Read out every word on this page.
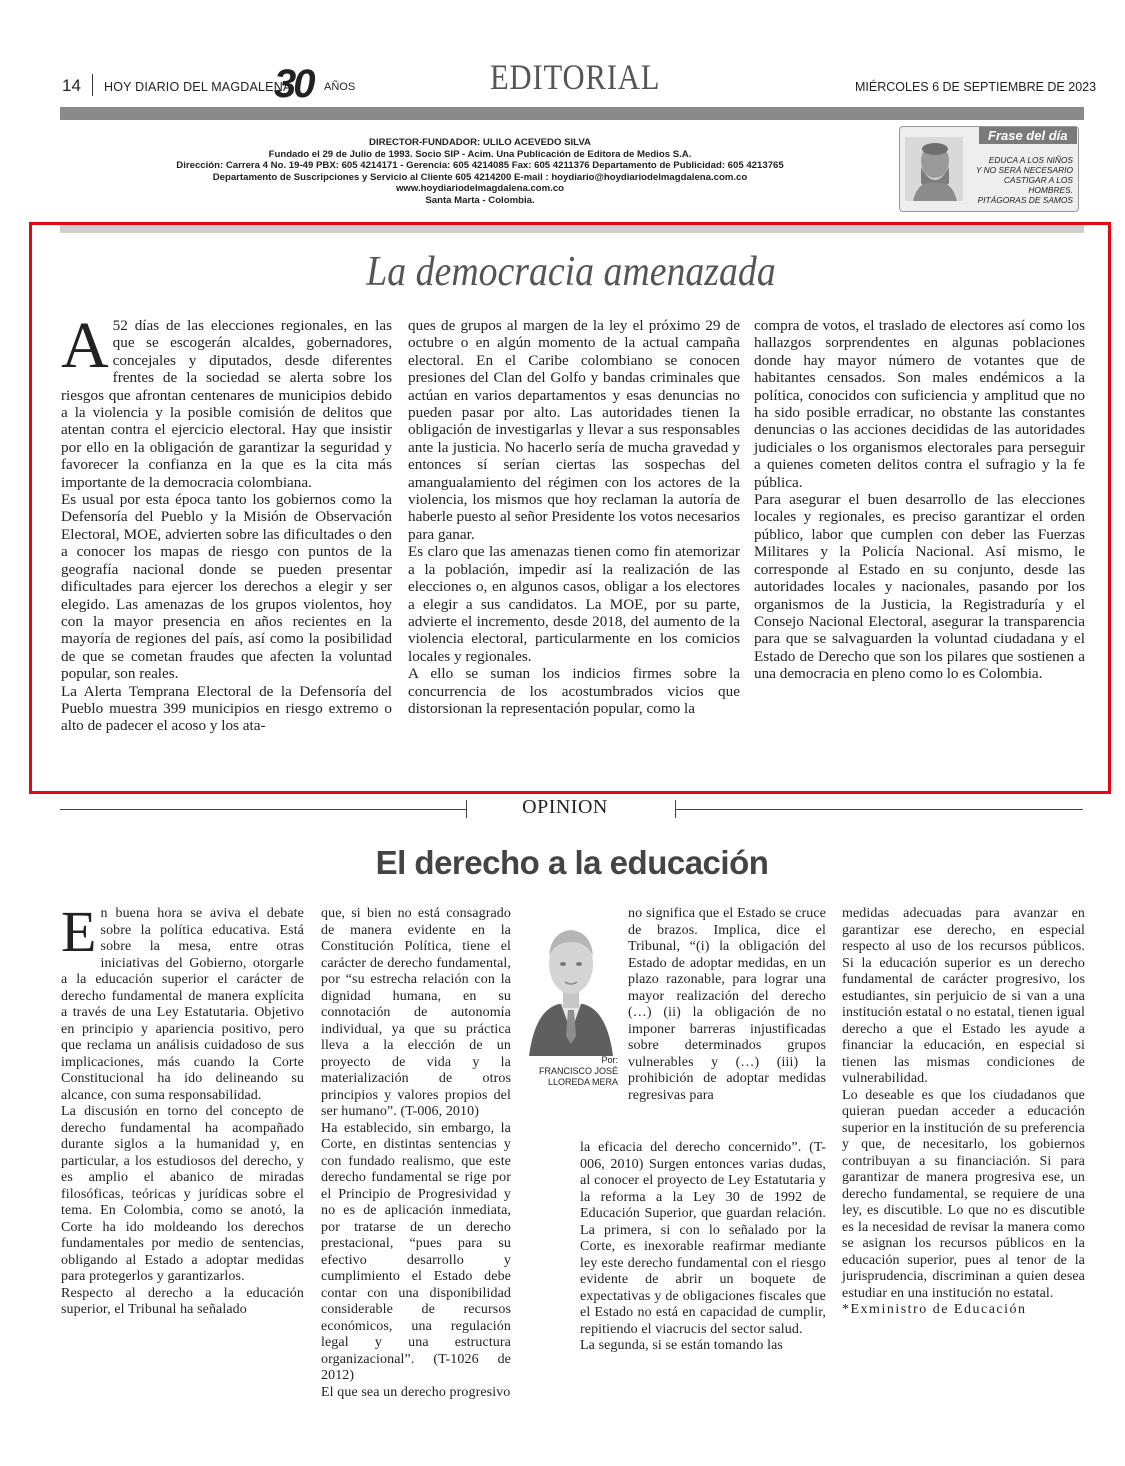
14 HOY DIARIO DEL MAGDALENA
30 AÑOS	EDITORIAL	MIÉRCOLES 6 DE SEPTIEMBRE DE 2023
DIRECTOR-FUNDADOR: ULILO ACEVEDO SILVA
Fundado el 29 de Julio de 1993. Socio SIP - Acim. Una Publicación de Editora de Medios S.A.
Dirección: Carrera 4 No. 19-49 PBX: 605 4214171 - Gerencia: 605 4214085 Fax: 605 4211376 Departamento de Publicidad: 605 4213765
Departamento de Suscripciones y Servicio al Cliente 605 4214200 E-mail : hoydiario@hoydiariodelmagdalena.com.co
www.hoydiariodelmagdalena.com.co
Santa Marta - Colombia.
Frase del día
EDUCA A LOS NIÑOS
Y NO SERÁ NECESARIO
CASTIGAR A LOS HOMBRES.
PITÁGORAS DE SAMOS
La democracia amenazada

A 52 días de las elecciones regionales, en las que se escogerán alcaldes, gobernadores, concejales y diputados, desde diferentes frentes de la sociedad se alerta sobre los riesgos que afrontan centenares de municipios debido a la violencia y la posible comisión de delitos que atentan contra el ejercicio electoral. Hay que insistir por ello en la obligación de garantizar la seguridad y favorecer la confianza en la que es la cita más importante de la democracia colombiana.

Es usual por esta época tanto los gobiernos como la Defensoría del Pueblo y la Misión de Observación Electoral, MOE, advierten sobre las dificultades o den a conocer los mapas de riesgo con puntos de la geografía nacional donde se pueden presentar dificultades para ejercer los derechos a elegir y ser elegido. Las amenazas de los grupos violentos, hoy con la mayor presencia en años recientes en la mayoría de regiones del país, así como la posibilidad de que se cometan fraudes que afecten la voluntad popular, son reales.

La Alerta Temprana Electoral de la Defensoría del Pueblo muestra 399 municipios en riesgo extremo o alto de padecer el acoso y los ata-

ques de grupos al margen de la ley el próximo 29 de octubre o en algún momento de la actual campaña electoral. En el Caribe colombiano se conocen presiones del Clan del Golfo y bandas criminales que actúan en varios departamentos y esas denuncias no pueden pasar por alto. Las autoridades tienen la obligación de investigarlas y llevar a sus responsables ante la justicia. No hacerlo sería de mucha gravedad y entonces sí serían ciertas las sospechas del amangualamiento del régimen con los actores de la violencia, los mismos que hoy reclaman la autoría de haberle puesto al señor Presidente los votos necesarios para ganar.

Es claro que las amenazas tienen como fin atemorizar a la población, impedir así la realización de las elecciones o, en algunos casos, obligar a los electores a elegir a sus candidatos. La MOE, por su parte, advierte el incremento, desde 2018, del aumento de la violencia electoral, particularmente en los comicios locales y regionales.

A ello se suman los indicios firmes sobre la concurrencia de los acostumbrados vicios que distorsionan la representación popular, como la

compra de votos, el traslado de electores así como los hallazgos sorprendentes en algunas poblaciones donde hay mayor número de votantes que de habitantes censados. Son males endémicos a la política, conocidos con suficiencia y amplitud que no ha sido posible erradicar, no obstante las constantes denuncias o las acciones decididas de las autoridades judiciales o los organismos electorales para perseguir a quienes cometen delitos contra el sufragio y la fe pública.

Para asegurar el buen desarrollo de las elecciones locales y regionales, es preciso garantizar el orden público, labor que cumplen con deber las Fuerzas Militares y la Policía Nacional. Así mismo, le corresponde al Estado en su conjunto, desde las autoridades locales y nacionales, pasando por los organismos de la Justicia, la Registraduría y el Consejo Nacional Electoral, asegurar la transparencia para que se salvaguarden la voluntad ciudadana y el Estado de Derecho que son los pilares que sostienen a una democracia en pleno como lo es Colombia.

OPINION
El derecho a la educación

En buena hora se aviva el debate sobre la política educativa. Está sobre la mesa, entre otras iniciativas del Gobierno, otorgarle a la educación superior el carácter de derecho fundamental de manera explícita a través de una Ley Estatutaria. Objetivo en principio y apariencia positivo, pero que reclama un análisis cuidadoso de sus implicaciones, más cuando la Corte Constitucional ha ido delineando su alcance, con suma responsabilidad.

La discusión en torno del concepto de derecho fundamental ha acompañado durante siglos a la humanidad y, en particular, a los estudiosos del derecho, y es amplio el abanico de miradas filosóficas, teóricas y jurídicas sobre el tema. En Colombia, como se anotó, la Corte ha ido moldeando los derechos fundamentales por medio de sentencias, obligando al Estado a adoptar medidas para protegerlos y garantizarlos.

Respecto al derecho a la educación superior, el Tribunal ha señalado

que, si bien no está consagrado de manera evidente en la Constitución Política, tiene el carácter de derecho fundamental, por “su estrecha relación con la dignidad humana, en su connotación de autonomía individual, ya que su práctica lleva a la elección de un proyecto de vida y la materialización de otros principios y valores propios del ser humano”. (T-006, 2010)

Ha establecido, sin embargo, la Corte, en distintas sentencias y con fundado realismo, que este derecho fundamental se rige por el Principio de Progresividad y no es de aplicación inmediata, por tratarse de un derecho prestacional, “pues para su efectivo desarrollo y cumplimiento el Estado debe contar con una disponibilidad considerable de recursos económicos, una regulación legal y una estructura organizacional”. (T-1026 de 2012)

El que sea un derecho progresivo

Por:
FRANCISCO JOSÉ LLOREDA MERA

no significa que el Estado se cruce de brazos. Implica, dice el Tribunal, “(i) la obligación del Estado de adoptar medidas, en un plazo razonable, para lograr una mayor realización del derecho (…) (ii) la obligación de no imponer barreras injustificadas sobre determinados grupos vulnerables y (…) (iii) la prohibición de adoptar medidas regresivas para

la eficacia del derecho concernido”. (T-006, 2010) Surgen entonces varias dudas, al conocer el proyecto de Ley Estatutaria y la reforma a la Ley 30 de 1992 de Educación Superior, que guardan relación. La primera, si con lo señalado por la Corte, es inexorable reafirmar mediante ley este derecho fundamental con el riesgo evidente de abrir un boquete de expectativas y de obligaciones fiscales que el Estado no está en capacidad de cumplir, repitiendo el viacrucis del sector salud.

La segunda, si se están tomando las

medidas adecuadas para avanzar en garantizar ese derecho, en especial respecto al uso de los recursos públicos. Si la educación superior es un derecho fundamental de carácter progresivo, los estudiantes, sin perjuicio de si van a una institución estatal o no estatal, tienen igual derecho a que el Estado les ayude a financiar la educación, en especial si tienen las mismas condiciones de vulnerabilidad.

Lo deseable es que los ciudadanos que quieran puedan acceder a educación superior en la institución de su preferencia y que, de necesitarlo, los gobiernos contribuyan a su financiación. Si para garantizar de manera progresiva ese, un derecho fundamental, se requiere de una ley, es discutible. Lo que no es discutible es la necesidad de revisar la manera como se asignan los recursos públicos en la educación superior, pues al tenor de la jurisprudencia, discriminan a quien desea estudiar en una institución no estatal.

*Exministro de Educación
